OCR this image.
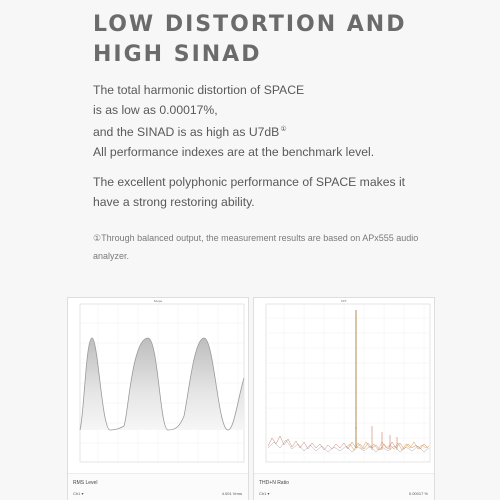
LOW DISTORTION AND
HIGH SINAD
The total harmonic distortion of SPACE
is as low as 0.00017%,
and the SINAD is as high as U7dB①
All performance indexes are at the benchmark level.
The excellent polyphonic performance of SPACE makes it
have a strong restoring ability.
①Through balanced output, the measurement results are based on APx555 audio
analyzer.
Scope
·	·	·	·	·	·	·	·
RMS Level
Ch1 ▾	4.001 Vrms
FFT
·	·	·	·	·	·	·	·
THD+N Ratio
Ch1 ▾	0.00017 %
